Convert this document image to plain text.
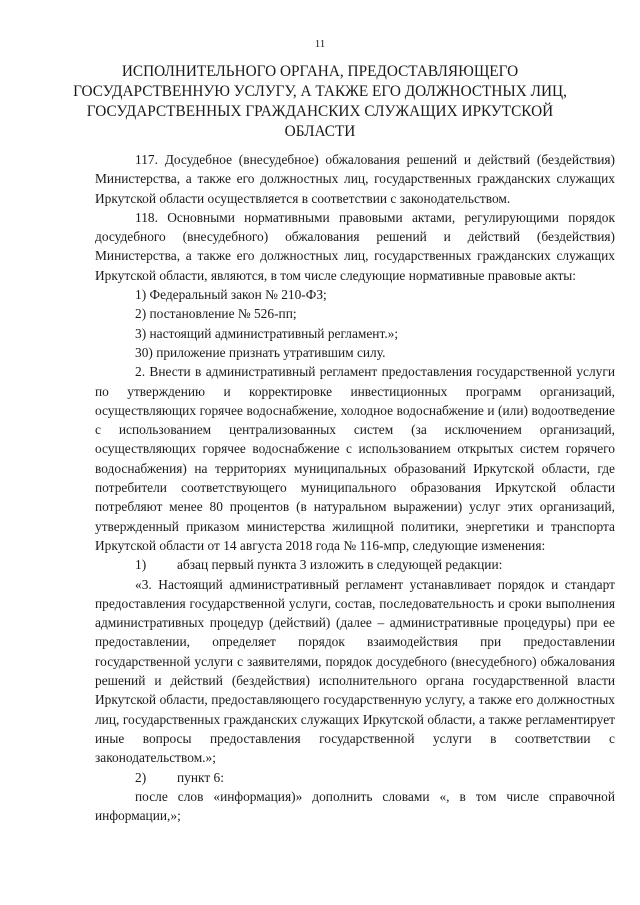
11
ИСПОЛНИТЕЛЬНОГО ОРГАНА, ПРЕДОСТАВЛЯЮЩЕГО
ГОСУДАРСТВЕННУЮ УСЛУГУ, А ТАКЖЕ ЕГО ДОЛЖНОСТНЫХ ЛИЦ,
ГОСУДАРСТВЕННЫХ ГРАЖДАНСКИХ СЛУЖАЩИХ ИРКУТСКОЙ
ОБЛАСТИ

117. Досудебное (внесудебное) обжалования решений и действий (бездействия) Министерства, а также его должностных лиц, государственных гражданских служащих Иркутской области осуществляется в соответствии с законодательством.

118. Основными нормативными правовыми актами, регулирующими порядок досудебного (внесудебного) обжалования решений и действий (бездействия) Министерства, а также его должностных лиц, государственных гражданских служащих Иркутской области, являются, в том числе следующие нормативные правовые акты:

1) Федеральный закон № 210-ФЗ;

2) постановление № 526-пп;

3) настоящий административный регламент.»;

30) приложение признать утратившим силу.

2. Внести в административный регламент предоставления государственной услуги по утверждению и корректировке инвестиционных программ организаций, осуществляющих горячее водоснабжение, холодное водоснабжение и (или) водоотведение с использованием централизованных систем (за исключением организаций, осуществляющих горячее водоснабжение с использованием открытых систем горячего водоснабжения) на территориях муниципальных образований Иркутской области, где потребители соответствующего муниципального образования Иркутской области потребляют менее 80 процентов (в натуральном выражении) услуг этих организаций, утвержденный приказом министерства жилищной политики, энергетики и транспорта Иркутской области от 14 августа 2018 года № 116-мпр, следующие изменения:

1) абзац первый пункта 3 изложить в следующей редакции:

«3. Настоящий административный регламент устанавливает порядок и стандарт предоставления государственной услуги, состав, последовательность и сроки выполнения административных процедур (действий) (далее – административные процедуры) при ее предоставлении, определяет порядок взаимодействия при предоставлении государственной услуги с заявителями, порядок досудебного (внесудебного) обжалования решений и действий (бездействия) исполнительного органа государственной власти Иркутской области, предоставляющего государственную услугу, а также его должностных лиц, государственных гражданских служащих Иркутской области, а также регламентирует иные вопросы предоставления государственной услуги в соответствии с законодательством.»;

2) пункт 6:

после слов «информация)» дополнить словами «, в том числе справочной информации,»;
